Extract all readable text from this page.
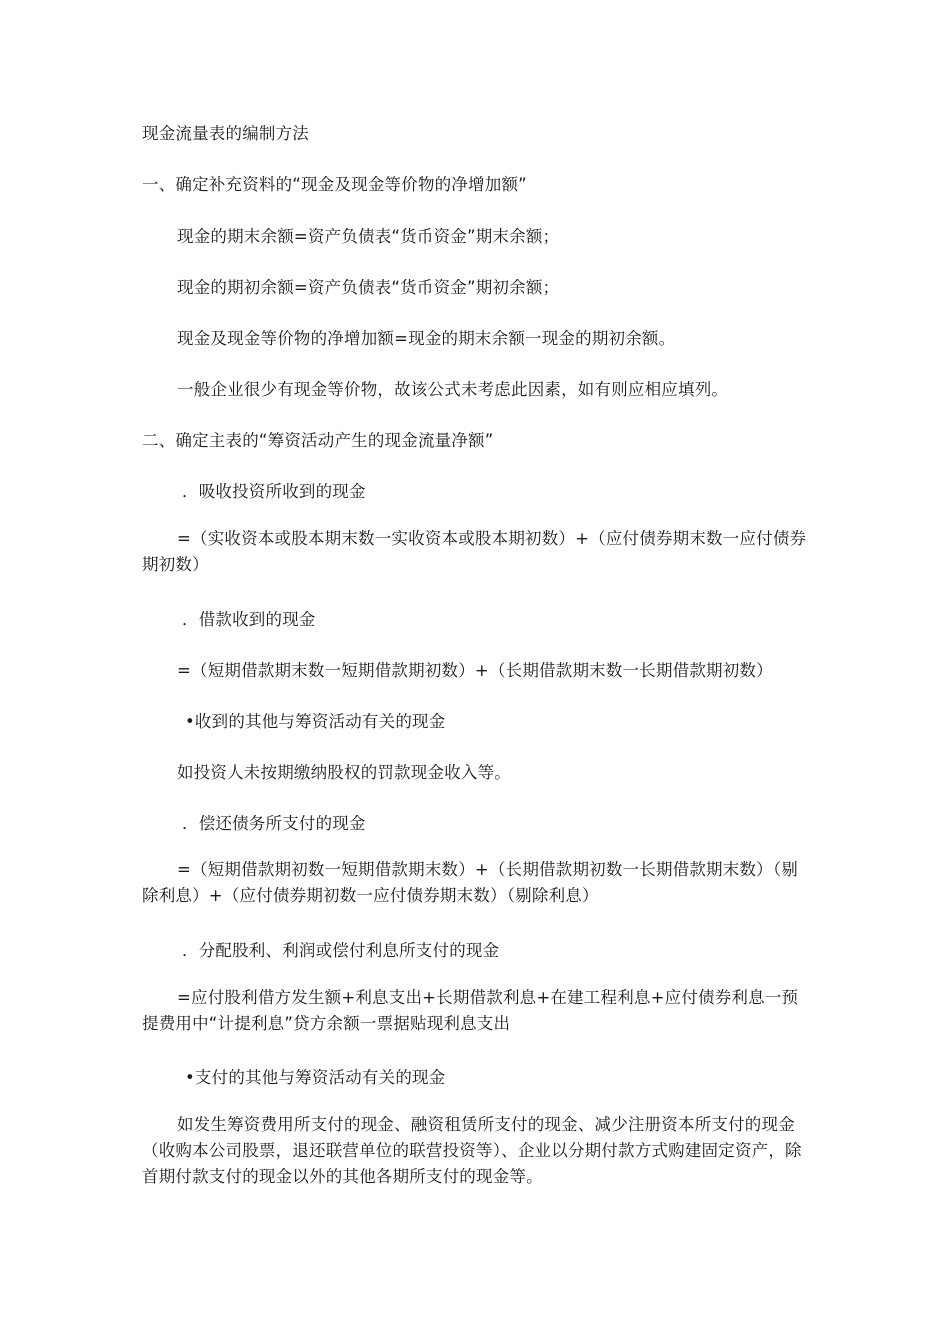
现金流量表的编制方法

一、确定补充资料的“现金及现金等价物的净增加额”

现金的期末余额=资产负债表“货币资金”期末余额；

现金的期初余额=资产负债表“货币资金”期初余额；

现金及现金等价物的净增加额=现金的期末余额一现金的期初余额。

一般企业很少有现金等价物，故该公式未考虑此因素，如有则应相应填列。

二、确定主表的“筹资活动产生的现金流量净额”

．吸收投资所收到的现金

=（实收资本或股本期末数一实收资本或股本期初数）+（应付债券期末数一应付债券期初数）

．借款收到的现金

=（短期借款期末数一短期借款期初数）+（长期借款期末数一长期借款期初数）

•收到的其他与筹资活动有关的现金

如投资人未按期缴纳股权的罚款现金收入等。

．偿还债务所支付的现金

=（短期借款期初数一短期借款期末数）+（长期借款期初数一长期借款期末数）（剔除利息）+（应付债券期初数一应付债券期末数）（剔除利息）

．分配股利、利润或偿付利息所支付的现金

=应付股利借方发生额+利息支出+长期借款利息+在建工程利息+应付债券利息一预提费用中“计提利息”贷方余额一票据贴现利息支出

•支付的其他与筹资活动有关的现金

如发生筹资费用所支付的现金、融资租赁所支付的现金、减少注册资本所支付的现金（收购本公司股票，退还联营单位的联营投资等）、企业以分期付款方式购建固定资产，除首期付款支付的现金以外的其他各期所支付的现金等。
